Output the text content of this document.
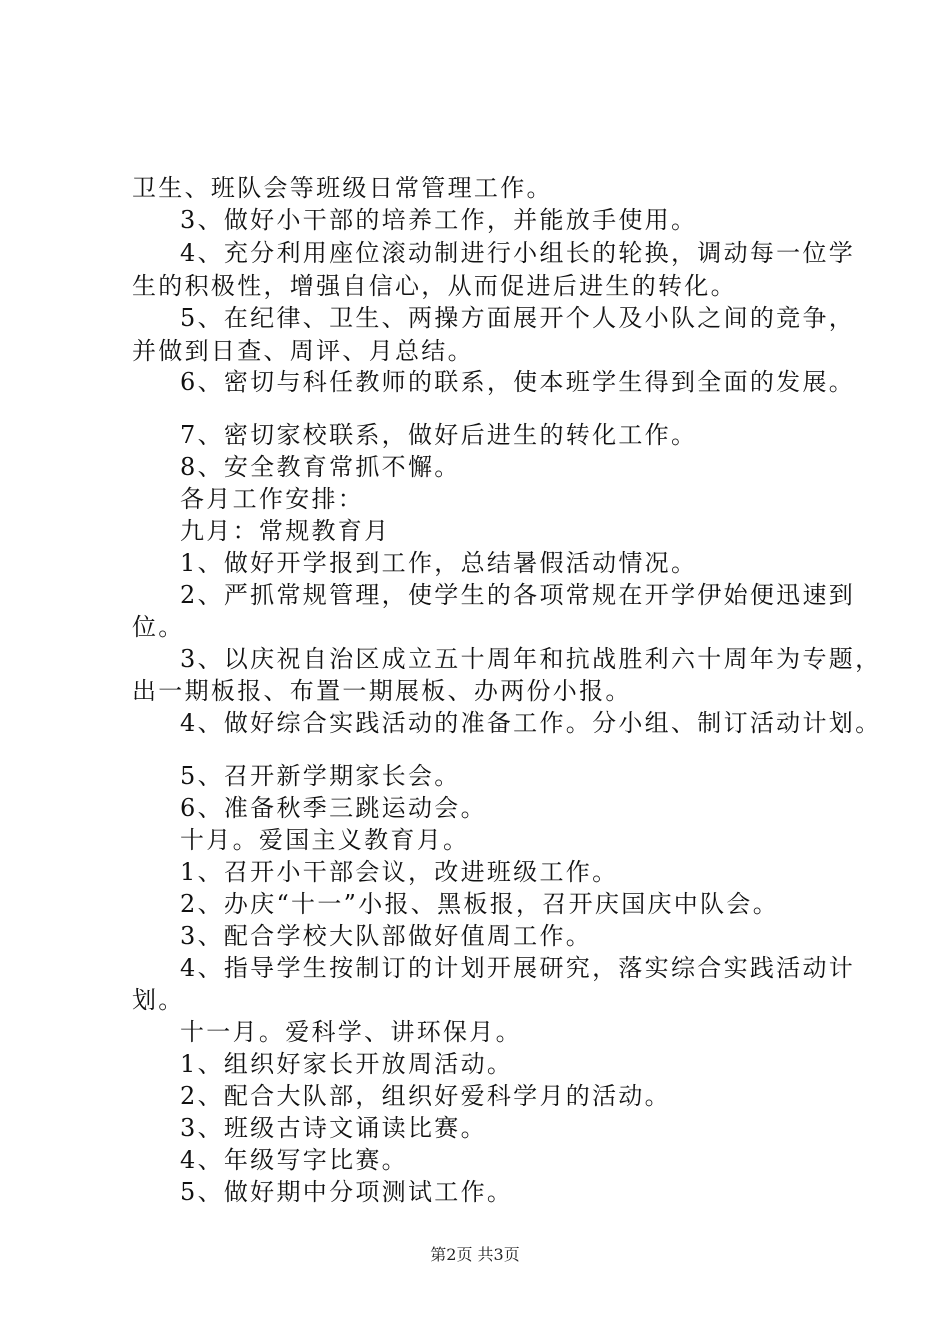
卫生、班队会等班级日常管理工作。
3、做好小干部的培养工作，并能放手使用。
4、充分利用座位滚动制进行小组长的轮换，调动每一位学
生的积极性，增强自信心，从而促进后进生的转化。
5、在纪律、卫生、两操方面展开个人及小队之间的竞争，
并做到日查、周评、月总结。
6、密切与科任教师的联系，使本班学生得到全面的发展。
7、密切家校联系，做好后进生的转化工作。
8、安全教育常抓不懈。
各月工作安排：
九月：常规教育月
1、做好开学报到工作，总结暑假活动情况。
2、严抓常规管理，使学生的各项常规在开学伊始便迅速到
位。
3、以庆祝自治区成立五十周年和抗战胜利六十周年为专题，
出一期板报、布置一期展板、办两份小报。
4、做好综合实践活动的准备工作。分小组、制订活动计划。
5、召开新学期家长会。
6、准备秋季三跳运动会。
十月。爱国主义教育月。
1、召开小干部会议，改进班级工作。
2、办庆“十一”小报、黑板报，召开庆国庆中队会。
3、配合学校大队部做好值周工作。
4、指导学生按制订的计划开展研究，落实综合实践活动计
划。
十一月。爱科学、讲环保月。
1、组织好家长开放周活动。
2、配合大队部，组织好爱科学月的活动。
3、班级古诗文诵读比赛。
4、年级写字比赛。
5、做好期中分项测试工作。
第2页 共3页
